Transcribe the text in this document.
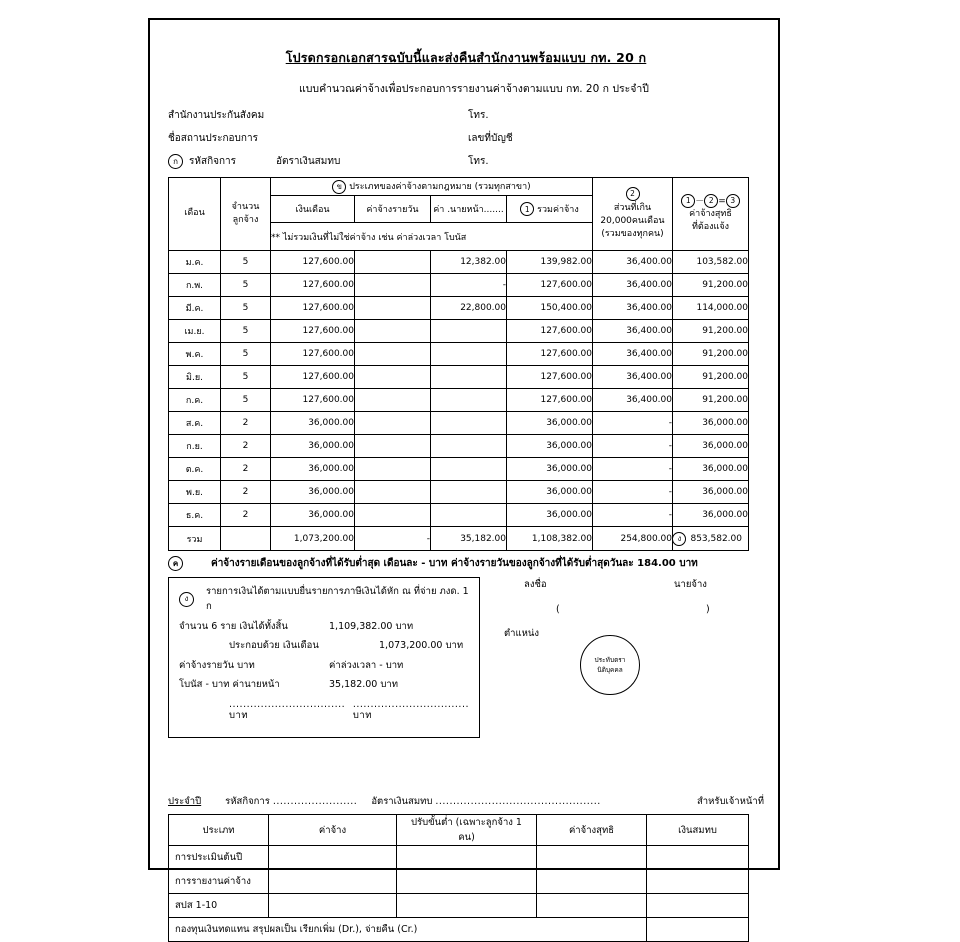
โปรดกรอกเอกสารฉบับนี้และส่งคืนสำนักงานพร้อมแบบ กท. 20 ก
แบบคำนวณค่าจ้างเพื่อประกอบการรายงานค่าจ้างตามแบบ กท. 20 ก ประจำปี
สำนักงานประกันสังคม	โทร.
ชื่อสถานประกอบการ	เลขที่บัญชี
ก	รหัสกิจการ	อัตราเงินสมทบ	โทร.
เดือน	
จำนวน
ลูกจ้าง
	ข ประเภทของค่าจ้างตามกฎหมาย (รวมทุกสาขา)	
2
ส่วนที่เกิน
20,000คนเดือน
(รวมของทุกคน)

1 － 2 = 3
ค่าจ้างสุทธิ
ที่ต้องแจ้ง

		เงินเดือน	ค่าจ้างรายวัน	ค่า .นายหน้า.......	1 รวมค่าจ้าง		
		** ไม่รวมเงินที่ไม่ใช่ค่าจ้าง เช่น ค่าล่วงเวลา โบนัส					
ม.ค.	5	127,600.00		12,382.00	139,982.00	36,400.00	103,582.00
ก.พ.	5	127,600.00		-	127,600.00	36,400.00	91,200.00
มี.ค.	5	127,600.00		22,800.00	150,400.00	36,400.00	114,000.00
เม.ย.	5	127,600.00			127,600.00	36,400.00	91,200.00
พ.ค.	5	127,600.00			127,600.00	36,400.00	91,200.00
มิ.ย.	5	127,600.00			127,600.00	36,400.00	91,200.00
ก.ค.	5	127,600.00			127,600.00	36,400.00	91,200.00
ส.ค.	2	36,000.00			36,000.00	-	36,000.00
ก.ย.	2	36,000.00			36,000.00	-	36,000.00
ต.ค.	2	36,000.00			36,000.00	-	36,000.00
พ.ย.	2	36,000.00			36,000.00	-	36,000.00
ธ.ค.	2	36,000.00			36,000.00	-	36,000.00
รวม		1,073,200.00	-	35,182.00	1,108,382.00	254,800.00	ง 853,582.00
ค	ค่าจ้างรายเดือนของลูกจ้างที่ได้รับต่ำสุด เดือนละ - บาท ค่าจ้างรายวันของลูกจ้างที่ได้รับต่ำสุดวันละ 184.00 บาท
ง
รายการเงินได้ตามแบบยื่นรายการภาษีเงินได้หัก ณ ที่จ่าย ภงด. 1 ก
จำนวน 6 ราย เงินได้ทั้งสิ้น	1,109,382.00 บาท
ประกอบด้วย เงินเดือน	1,073,200.00 บาท
ค่าจ้างรายวัน บาท	ค่าล่วงเวลา - บาท
โบนัส - บาท ค่านายหน้า	35,182.00 บาท
................................. บาท
................................. บาท
ลงชื่อ	นายจ้าง
(	)
ตำแหน่ง
ประทับตรา
นิติบุคคล
ประจำปี	รหัสกิจการ ........................ อัตราเงินสมทบ ...............................................	สำหรับเจ้าหน้าที่
ประเภท	ค่าจ้าง	ปรับขั้นต่ำ (เฉพาะลูกจ้าง 1 คน)	ค่าจ้างสุทธิ	เงินสมทบ
การประเมินต้นปี				
การรายงานค่าจ้าง				
สปส 1-10				
กองทุนเงินทดแทน สรุปผลเป็น เรียกเพิ่ม (Dr.), จ่ายคืน (Cr.)				
